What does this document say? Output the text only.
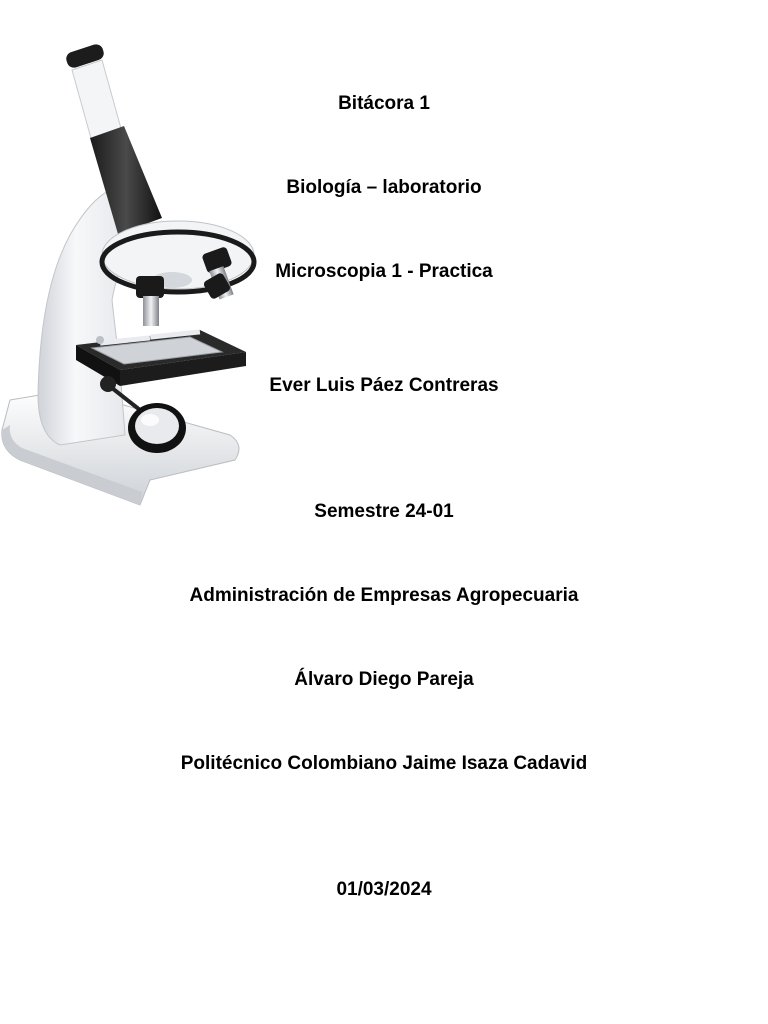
Bitácora 1

Biología – laboratorio

Microscopia 1 - Practica

Ever Luis Páez Contreras

Semestre 24-01

Administración de Empresas Agropecuaria

Álvaro Diego Pareja

Politécnico Colombiano Jaime Isaza Cadavid

01/03/2024
